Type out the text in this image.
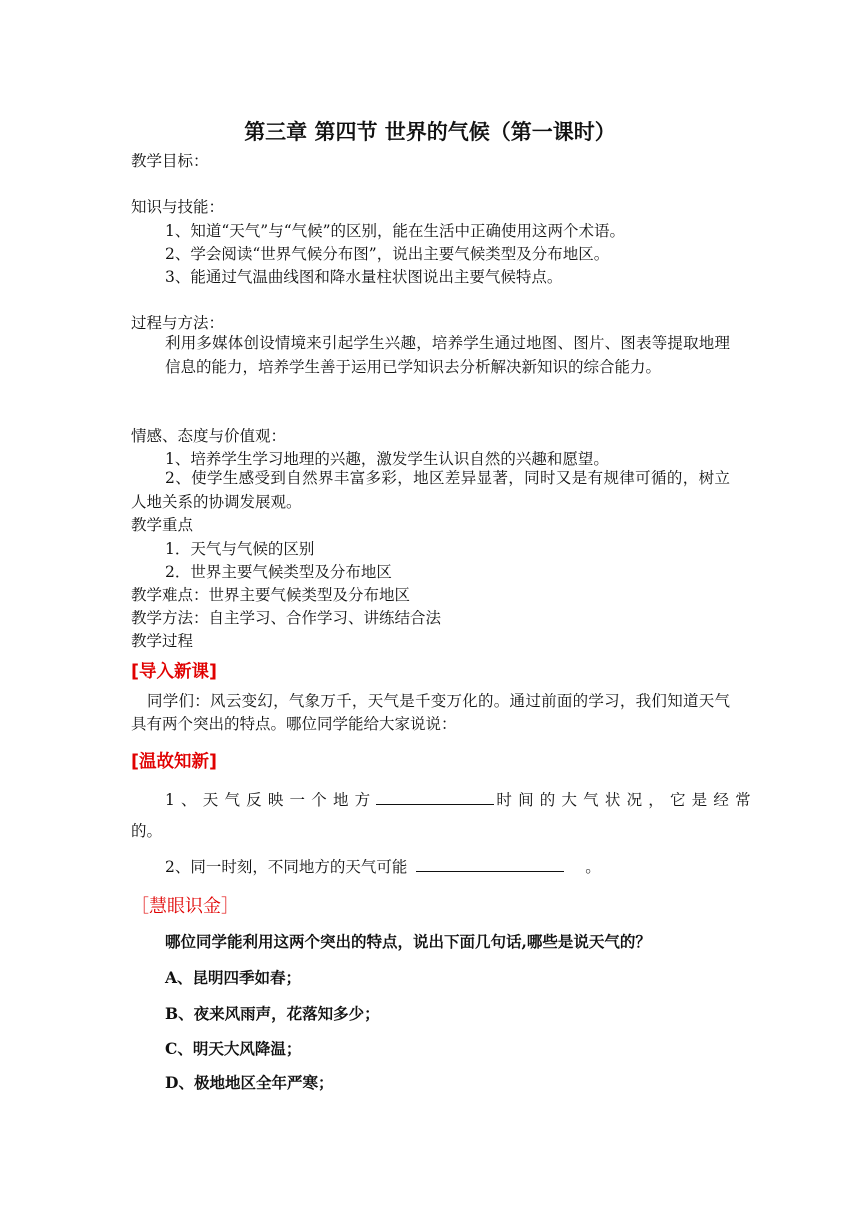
第三章 第四节 世界的气候（第一课时）
教学目标：
知识与技能：
1、知道“天气”与“气候”的区别，能在生活中正确使用这两个术语。
2、学会阅读“世界气候分布图”，说出主要气候类型及分布地区。
3、能通过气温曲线图和降水量柱状图说出主要气候特点。
过程与方法：
利用多媒体创设情境来引起学生兴趣，培养学生通过地图、图片、图表等提取地理信息的能力，培养学生善于运用已学知识去分析解决新知识的综合能力。
情感、态度与价值观：
1、培养学生学习地理的兴趣，激发学生认识自然的兴趣和愿望。
2、使学生感受到自然界丰富多彩，地区差异显著，同时又是有规律可循的，树立人地关系的协调发展观。
教学重点
1．天气与气候的区别
2．世界主要气候类型及分布地区
教学难点：世界主要气候类型及分布地区
教学方法：自主学习、合作学习、讲练结合法
教学过程
[导入新课]
同学们：风云变幻，气象万千，天气是千变万化的。通过前面的学习，我们知道天气具有两个突出的特点。哪位同学能给大家说说：
[温故知新]
1、天气反映一个地方	时间的大气状况，它是经常
的。
2、同一时刻，不同地方的天气可能	。
［慧眼识金］
哪位同学能利用这两个突出的特点，说出下面几句话,哪些是说天气的？
A、昆明四季如春；
B、夜来风雨声，花落知多少；
C、明天大风降温；
D、极地地区全年严寒；
